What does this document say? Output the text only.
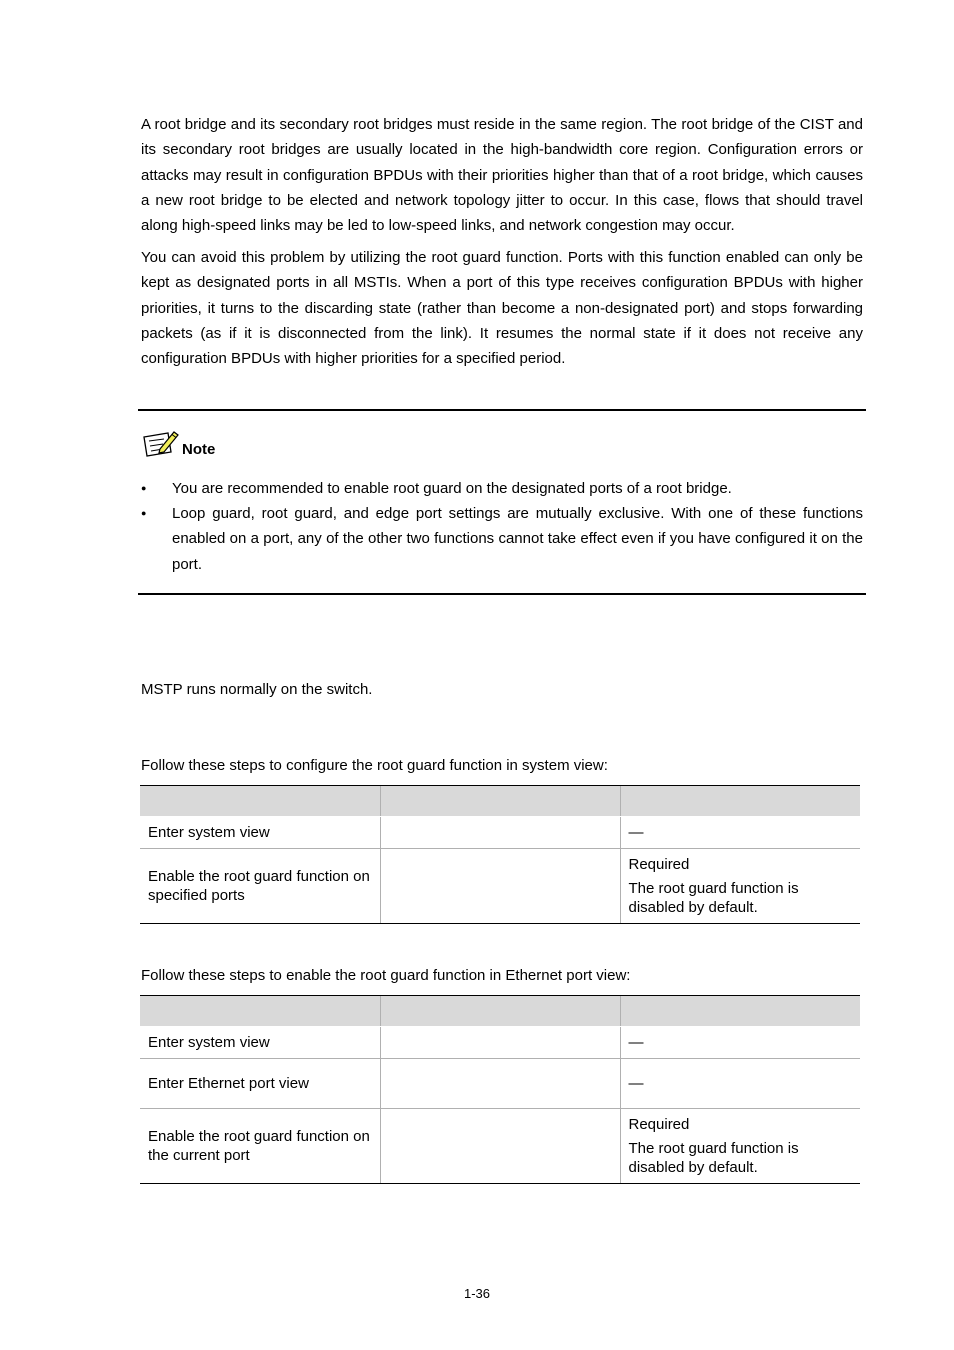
A root bridge and its secondary root bridges must reside in the same region. The root bridge of the CIST and its secondary root bridges are usually located in the high-bandwidth core region. Configuration errors or attacks may result in configuration BPDUs with their priorities higher than that of a root bridge, which causes a new root bridge to be elected and network topology jitter to occur. In this case, flows that should travel along high-speed links may be led to low-speed links, and network congestion may occur.
You can avoid this problem by utilizing the root guard function. Ports with this function enabled can only be kept as designated ports in all MSTIs. When a port of this type receives configuration BPDUs with higher priorities, it turns to the discarding state (rather than become a non-designated port) and stops forwarding packets (as if it is disconnected from the link). It resumes the normal state if it does not receive any configuration BPDUs with higher priorities for a specified period.
Note
●	You are recommended to enable root guard on the designated ports of a root bridge.
●	Loop guard, root guard, and edge port settings are mutually exclusive. With one of these functions enabled on a port, any of the other two functions cannot take effect even if you have configured it on the port.
MSTP runs normally on the switch.
Follow these steps to configure the root guard function in system view:

Enter system view		—
Enable the root guard function on specified ports		Required

The root guard function is disabled by default.

Follow these steps to enable the root guard function in Ethernet port view:

Enter system view		—
Enter Ethernet port view		—
Enable the root guard function on the current port		Required

The root guard function is disabled by default.

1-36
